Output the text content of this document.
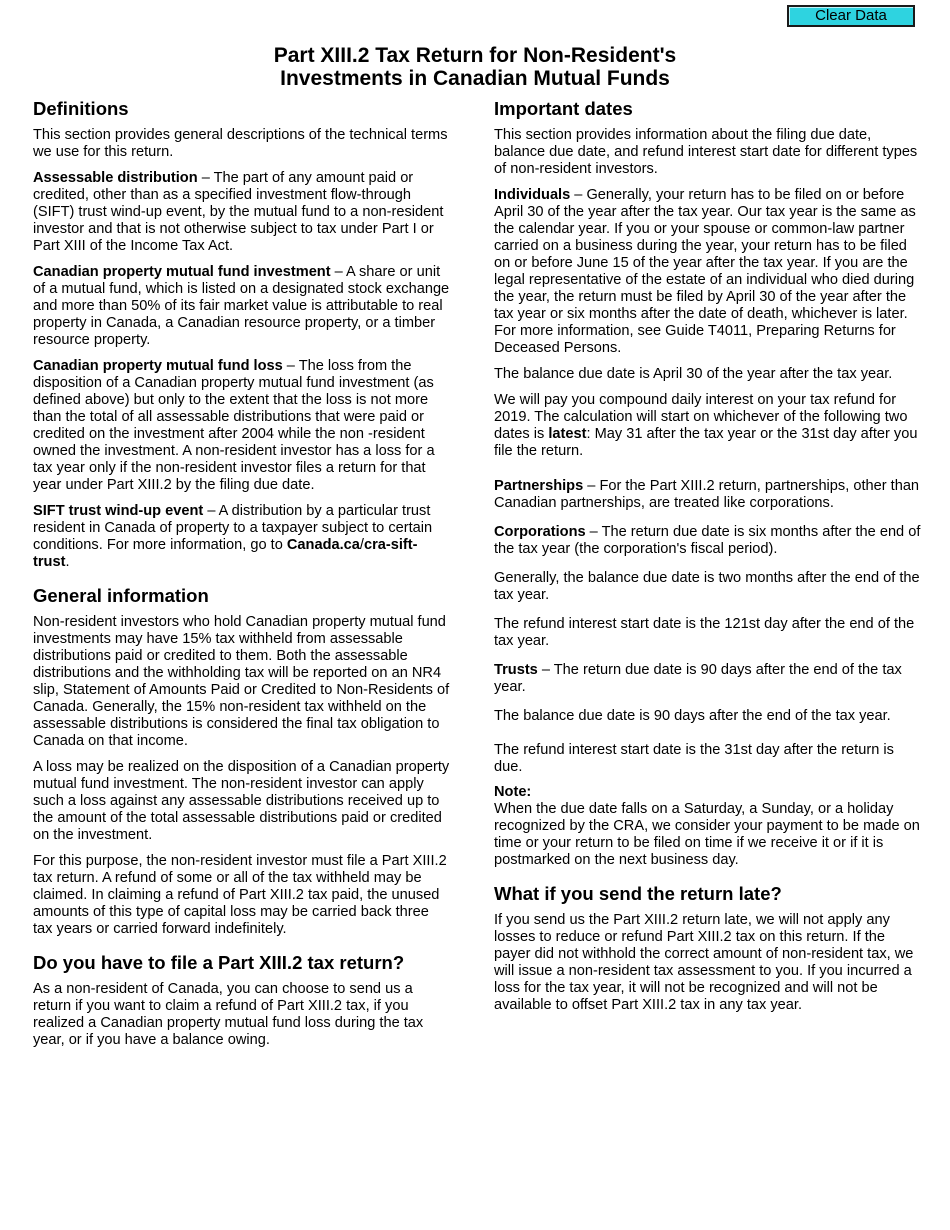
Clear Data
Part XIII.2 Tax Return for Non-Resident's
Investments in Canadian Mutual Funds
Definitions

This section provides general descriptions of the technical terms we use for this return.

Assessable distribution – The part of any amount paid or credited, other than as a specified investment flow-through (SIFT) trust wind-up event, by the mutual fund to a non-resident investor and that is not otherwise subject to tax under Part I or Part XIII of the Income Tax Act.

Canadian property mutual fund investment – A share or unit of a mutual fund, which is listed on a designated stock exchange and more than 50% of its fair market value is attributable to real property in Canada, a Canadian resource property, or a timber resource property.

Canadian property mutual fund loss – The loss from the disposition of a Canadian property mutual fund investment (as defined above) but only to the extent that the loss is not more than the total of all assessable distributions that were paid or credited on the investment after 2004 while the non -resident owned the investment. A non-resident investor has a loss for a tax year only if the non-resident investor files a return for that year under Part XIII.2 by the filing due date.

SIFT trust wind-up event – A distribution by a particular trust resident in Canada of property to a taxpayer subject to certain conditions. For more information, go to Canada.ca/cra-sift-trust.

General information

Non-resident investors who hold Canadian property mutual fund investments may have 15% tax withheld from assessable distributions paid or credited to them. Both the assessable distributions and the withholding tax will be reported on an NR4 slip, Statement of Amounts Paid or Credited to Non-Residents of Canada. Generally, the 15% non-resident tax withheld on the assessable distributions is considered the final tax obligation to Canada on that income.

A loss may be realized on the disposition of a Canadian property mutual fund investment. The non-resident investor can apply such a loss against any assessable distributions received up to the amount of the total assessable distributions paid or credited on the investment.

For this purpose, the non-resident investor must file a Part XIII.2 tax return. A refund of some or all of the tax withheld may be claimed. In claiming a refund of Part XIII.2 tax paid, the unused amounts of this type of capital loss may be carried back three tax years or carried forward indefinitely.

Do you have to file a Part XIII.2 tax return?

As a non-resident of Canada, you can choose to send us a return if you want to claim a refund of Part XIII.2 tax, if you realized a Canadian property mutual fund loss during the tax year, or if you have a balance owing.

Important dates

This section provides information about the filing due date, balance due date, and refund interest start date for different types of non-resident investors.

Individuals – Generally, your return has to be filed on or before April 30 of the year after the tax year. Our tax year is the same as the calendar year. If you or your spouse or common-law partner carried on a business during the year, your return has to be filed on or before June 15 of the year after the tax year. If you are the legal representative of the estate of an individual who died during the year, the return must be filed by April 30 of the year after the tax year or six months after the date of death, whichever is later. For more information, see Guide T4011, Preparing Returns for Deceased Persons.

The balance due date is April 30 of the year after the tax year.

We will pay you compound daily interest on your tax refund for 2019. The calculation will start on whichever of the following two dates is latest: May 31 after the tax year or the 31st day after you file the return.

Partnerships – For the Part XIII.2 return, partnerships, other than Canadian partnerships, are treated like corporations.

Corporations – The return due date is six months after the end of the tax year (the corporation's fiscal period).

Generally, the balance due date is two months after the end of the tax year.

The refund interest start date is the 121st day after the end of the tax year.

Trusts – The return due date is 90 days after the end of the tax year.

The balance due date is 90 days after the end of the tax year.

The refund interest start date is the 31st day after the return is due.

Note:
When the due date falls on a Saturday, a Sunday, or a holiday recognized by the CRA, we consider your payment to be made on time or your return to be filed on time if we receive it or if it is postmarked on the next business day.

What if you send the return late?

If you send us the Part XIII.2 return late, we will not apply any losses to reduce or refund Part XIII.2 tax on this return. If the payer did not withhold the correct amount of non-resident tax, we will issue a non-resident tax assessment to you. If you incurred a loss for the tax year, it will not be recognized and will not be available to offset Part XIII.2 tax in any tax year.
